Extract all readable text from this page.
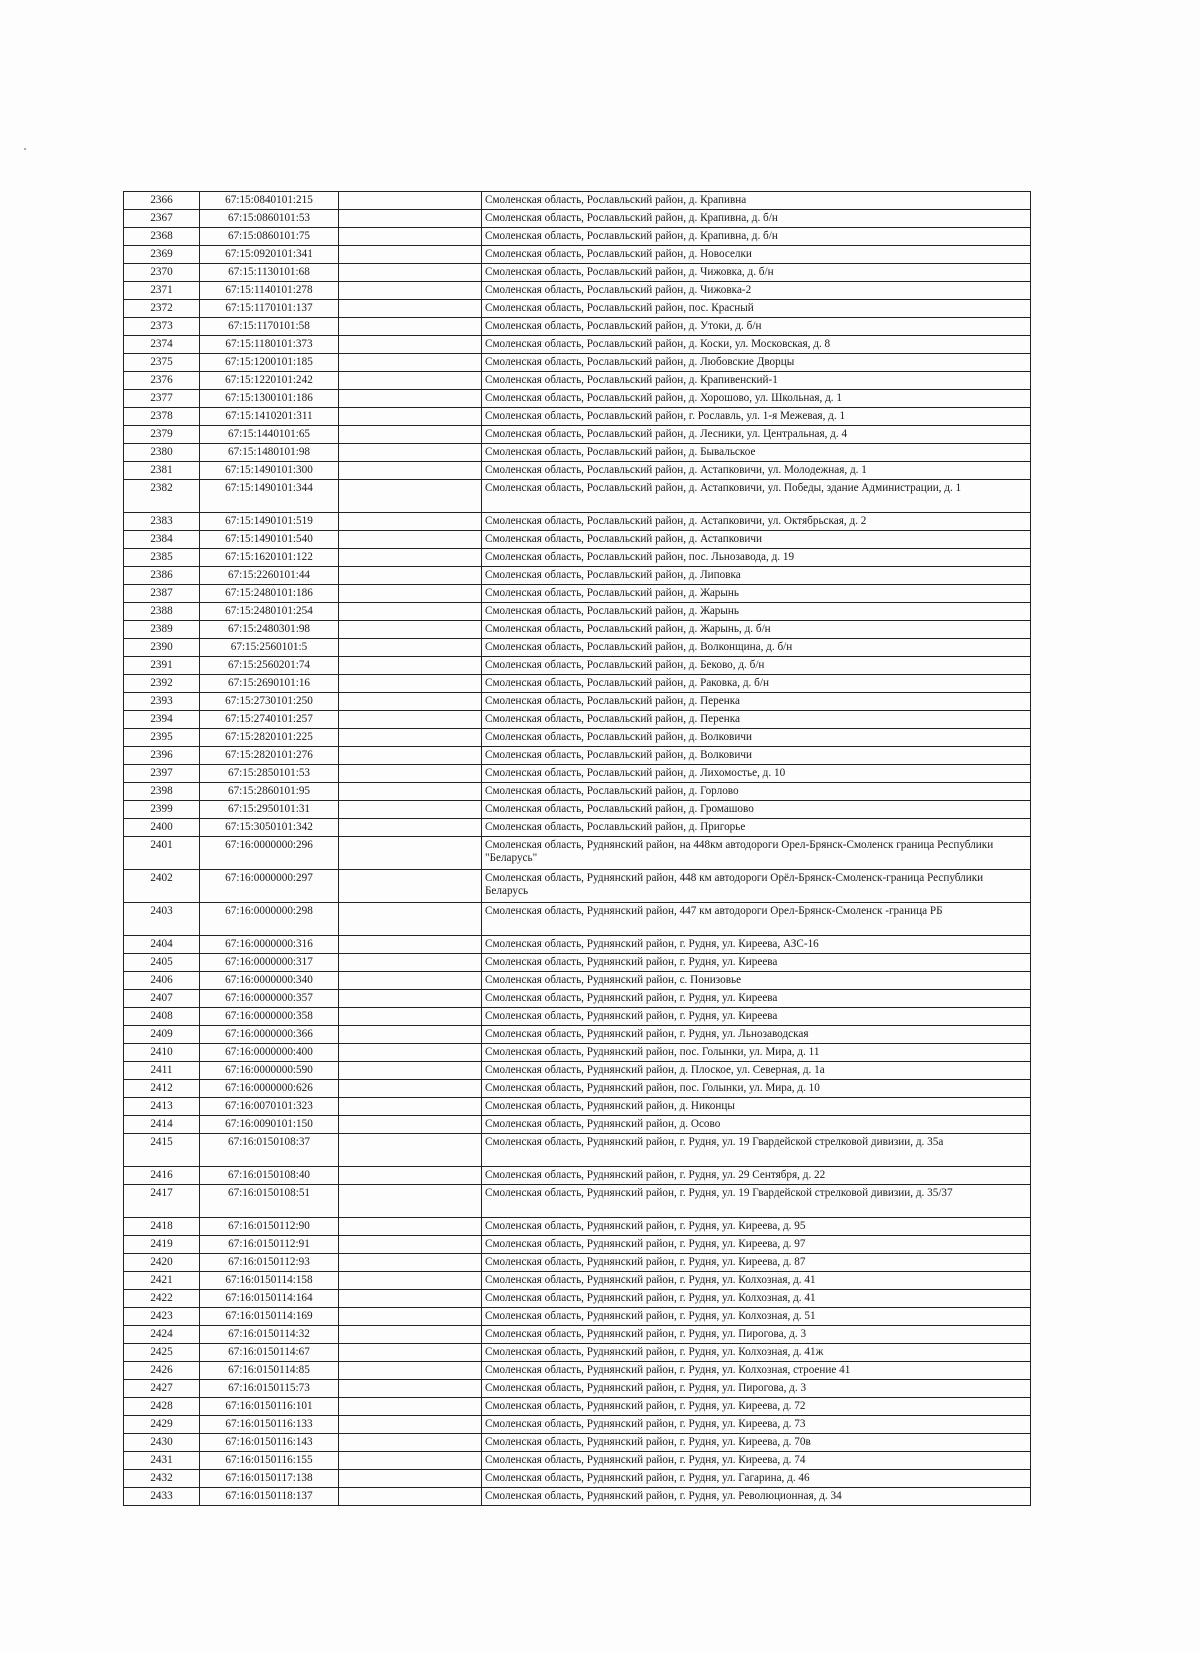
2366	67:15:0840101:215		Смоленская область, Рославльский район, д. Крапивна
2367	67:15:0860101:53		Смоленская область, Рославльский район, д. Крапивна, д. б/н
2368	67:15:0860101:75		Смоленская область, Рославльский район, д. Крапивна, д. б/н
2369	67:15:0920101:341		Смоленская область, Рославльский район, д. Новоселки
2370	67:15:1130101:68		Смоленская область, Рославльский район, д. Чижовка, д. б/н
2371	67:15:1140101:278		Смоленская область, Рославльский район, д. Чижовка-2
2372	67:15:1170101:137		Смоленская область, Рославльский район, пос. Красный
2373	67:15:1170101:58		Смоленская область, Рославльский район, д. Утоки, д. б/н
2374	67:15:1180101:373		Смоленская область, Рославльский район, д. Коски, ул. Московская, д. 8
2375	67:15:1200101:185		Смоленская область, Рославльский район, д. Любовские Дворцы
2376	67:15:1220101:242		Смоленская область, Рославльский район, д. Крапивенский-1
2377	67:15:1300101:186		Смоленская область, Рославльский район, д. Хорошово, ул. Школьная, д. 1
2378	67:15:1410201:311		Смоленская область, Рославльский район, г. Рославль, ул. 1-я Межевая, д. 1
2379	67:15:1440101:65		Смоленская область, Рославльский район, д. Лесники, ул. Центральная, д. 4
2380	67:15:1480101:98		Смоленская область, Рославльский район, д. Бывальское
2381	67:15:1490101:300		Смоленская область, Рославльский район, д. Астапковичи, ул. Молодежная, д. 1
2382	67:15:1490101:344		Смоленская область, Рославльский район, д. Астапковичи, ул. Победы, здание Администрации, д. 1
2383	67:15:1490101:519		Смоленская область, Рославльский район, д. Астапковичи, ул. Октябрьская, д. 2
2384	67:15:1490101:540		Смоленская область, Рославльский район, д. Астапковичи
2385	67:15:1620101:122		Смоленская область, Рославльский район, пос. Льнозавода, д. 19
2386	67:15:2260101:44		Смоленская область, Рославльский район, д. Липовка
2387	67:15:2480101:186		Смоленская область, Рославльский район, д. Жарынь
2388	67:15:2480101:254		Смоленская область, Рославльский район, д. Жарынь
2389	67:15:2480301:98		Смоленская область, Рославльский район, д. Жарынь, д. б/н
2390	67:15:2560101:5		Смоленская область, Рославльский район, д. Волконщина, д. б/н
2391	67:15:2560201:74		Смоленская область, Рославльский район, д. Беково, д. б/н
2392	67:15:2690101:16		Смоленская область, Рославльский район, д. Раковка, д. б/н
2393	67:15:2730101:250		Смоленская область, Рославльский район, д. Перенка
2394	67:15:2740101:257		Смоленская область, Рославльский район, д. Перенка
2395	67:15:2820101:225		Смоленская область, Рославльский район, д. Волковичи
2396	67:15:2820101:276		Смоленская область, Рославльский район, д. Волковичи
2397	67:15:2850101:53		Смоленская область, Рославльский район, д. Лихомостье, д. 10
2398	67:15:2860101:95		Смоленская область, Рославльский район, д. Горлово
2399	67:15:2950101:31		Смоленская область, Рославльский район, д. Громашово
2400	67:15:3050101:342		Смоленская область, Рославльский район, д. Пригорье
2401	67:16:0000000:296		Смоленская область, Руднянский район, на 448км автодороги Орел-Брянск-Смоленск граница Республики "Беларусь"
2402	67:16:0000000:297		Смоленская область, Руднянский район, 448 км автодороги Орёл-Брянск-Смоленск-граница Республики Беларусь
2403	67:16:0000000:298		Смоленская область, Руднянский район, 447 км автодороги Орел-Брянск-Смоленск -граница РБ
2404	67:16:0000000:316		Смоленская область, Руднянский район, г. Рудня, ул. Киреева, АЗС-16
2405	67:16:0000000:317		Смоленская область, Руднянский район, г. Рудня, ул. Киреева
2406	67:16:0000000:340		Смоленская область, Руднянский район, с. Понизовье
2407	67:16:0000000:357		Смоленская область, Руднянский район, г. Рудня, ул. Киреева
2408	67:16:0000000:358		Смоленская область, Руднянский район, г. Рудня, ул. Киреева
2409	67:16:0000000:366		Смоленская область, Руднянский район, г. Рудня, ул. Льнозаводская
2410	67:16:0000000:400		Смоленская область, Руднянский район, пос. Голынки, ул. Мира, д. 11
2411	67:16:0000000:590		Смоленская область, Руднянский район, д. Плоское, ул. Северная, д. 1а
2412	67:16:0000000:626		Смоленская область, Руднянский район, пос. Голынки, ул. Мира, д. 10
2413	67:16:0070101:323		Смоленская область, Руднянский район, д. Никонцы
2414	67:16:0090101:150		Смоленская область, Руднянский район, д. Осово
2415	67:16:0150108:37		Смоленская область, Руднянский район, г. Рудня, ул. 19 Гвардейской стрелковой дивизии, д. 35а
2416	67:16:0150108:40		Смоленская область, Руднянский район, г. Рудня, ул. 29 Сентября, д. 22
2417	67:16:0150108:51		Смоленская область, Руднянский район, г. Рудня, ул. 19 Гвардейской стрелковой дивизии, д. 35/37
2418	67:16:0150112:90		Смоленская область, Руднянский район, г. Рудня, ул. Киреева, д. 95
2419	67:16:0150112:91		Смоленская область, Руднянский район, г. Рудня, ул. Киреева, д. 97
2420	67:16:0150112:93		Смоленская область, Руднянский район, г. Рудня, ул. Киреева, д. 87
2421	67:16:0150114:158		Смоленская область, Руднянский район, г. Рудня, ул. Колхозная, д. 41
2422	67:16:0150114:164		Смоленская область, Руднянский район, г. Рудня, ул. Колхозная, д. 41
2423	67:16:0150114:169		Смоленская область, Руднянский район, г. Рудня, ул. Колхозная, д. 51
2424	67:16:0150114:32		Смоленская область, Руднянский район, г. Рудня, ул. Пирогова, д. 3
2425	67:16:0150114:67		Смоленская область, Руднянский район, г. Рудня, ул. Колхозная, д. 41ж
2426	67:16:0150114:85		Смоленская область, Руднянский район, г. Рудня, ул. Колхозная, строение 41
2427	67:16:0150115:73		Смоленская область, Руднянский район, г. Рудня, ул. Пирогова, д. 3
2428	67:16:0150116:101		Смоленская область, Руднянский район, г. Рудня, ул. Киреева, д. 72
2429	67:16:0150116:133		Смоленская область, Руднянский район, г. Рудня, ул. Киреева, д. 73
2430	67:16:0150116:143		Смоленская область, Руднянский район, г. Рудня, ул. Киреева, д. 70в
2431	67:16:0150116:155		Смоленская область, Руднянский район, г. Рудня, ул. Киреева, д. 74
2432	67:16:0150117:138		Смоленская область, Руднянский район, г. Рудня, ул. Гагарина, д. 46
2433	67:16:0150118:137		Смоленская область, Руднянский район, г. Рудня, ул. Революционная, д. 34
